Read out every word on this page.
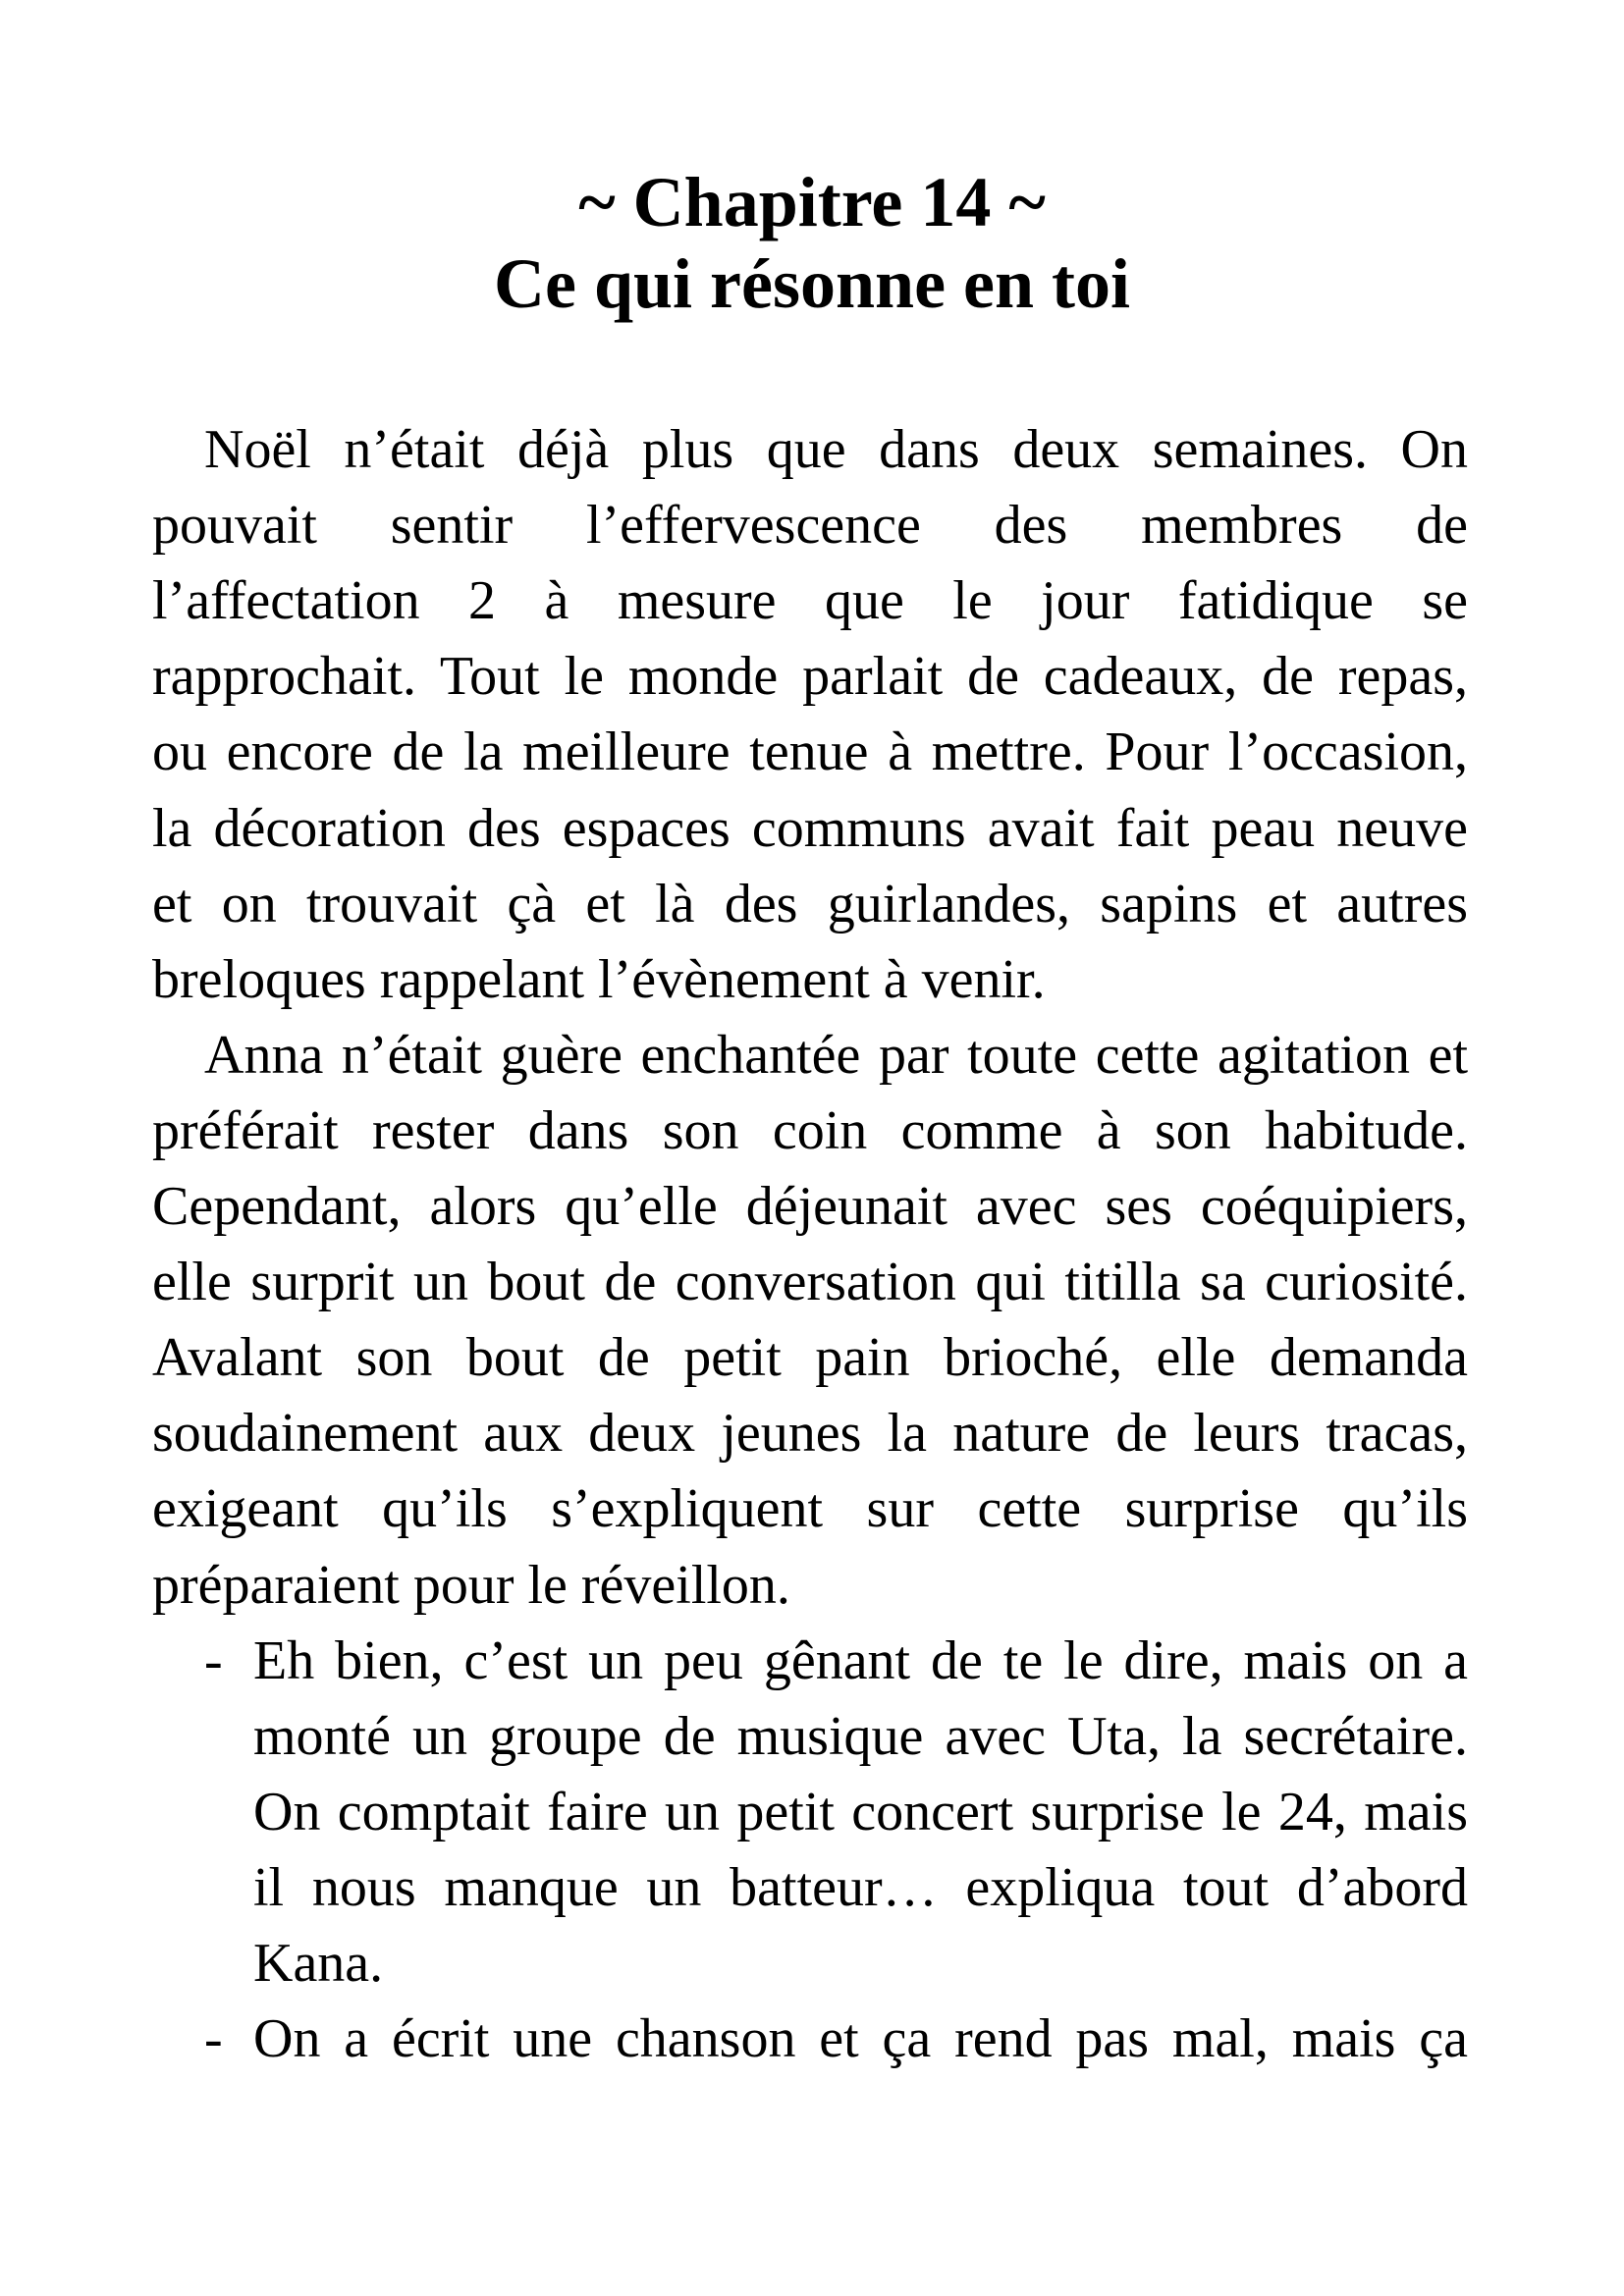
~ Chapitre 14 ~
Ce qui résonne en toi
Noël n’était déjà plus que dans deux semaines. On
pouvait sentir l’effervescence des membres de
l’affectation 2 à mesure que le jour fatidique se
rapprochait. Tout le monde parlait de cadeaux, de repas,
ou encore de la meilleure tenue à mettre. Pour l’occasion,
la décoration des espaces communs avait fait peau neuve
et on trouvait çà et là des guirlandes, sapins et autres
breloques rappelant l’évènement à venir.
Anna n’était guère enchantée par toute cette agitation et
préférait rester dans son coin comme à son habitude.
Cependant, alors qu’elle déjeunait avec ses coéquipiers,
elle surprit un bout de conversation qui titilla sa curiosité.
Avalant son bout de petit pain brioché, elle demanda
soudainement aux deux jeunes la nature de leurs tracas,
exigeant qu’ils s’expliquent sur cette surprise qu’ils
préparaient pour le réveillon.
- Eh bien, c’est un peu gênant de te le dire, mais on a
monté un groupe de musique avec Uta, la secrétaire.
On comptait faire un petit concert surprise le 24, mais
il nous manque un batteur… expliqua tout d’abord
Kana.
- On a écrit une chanson et ça rend pas mal, mais ça
